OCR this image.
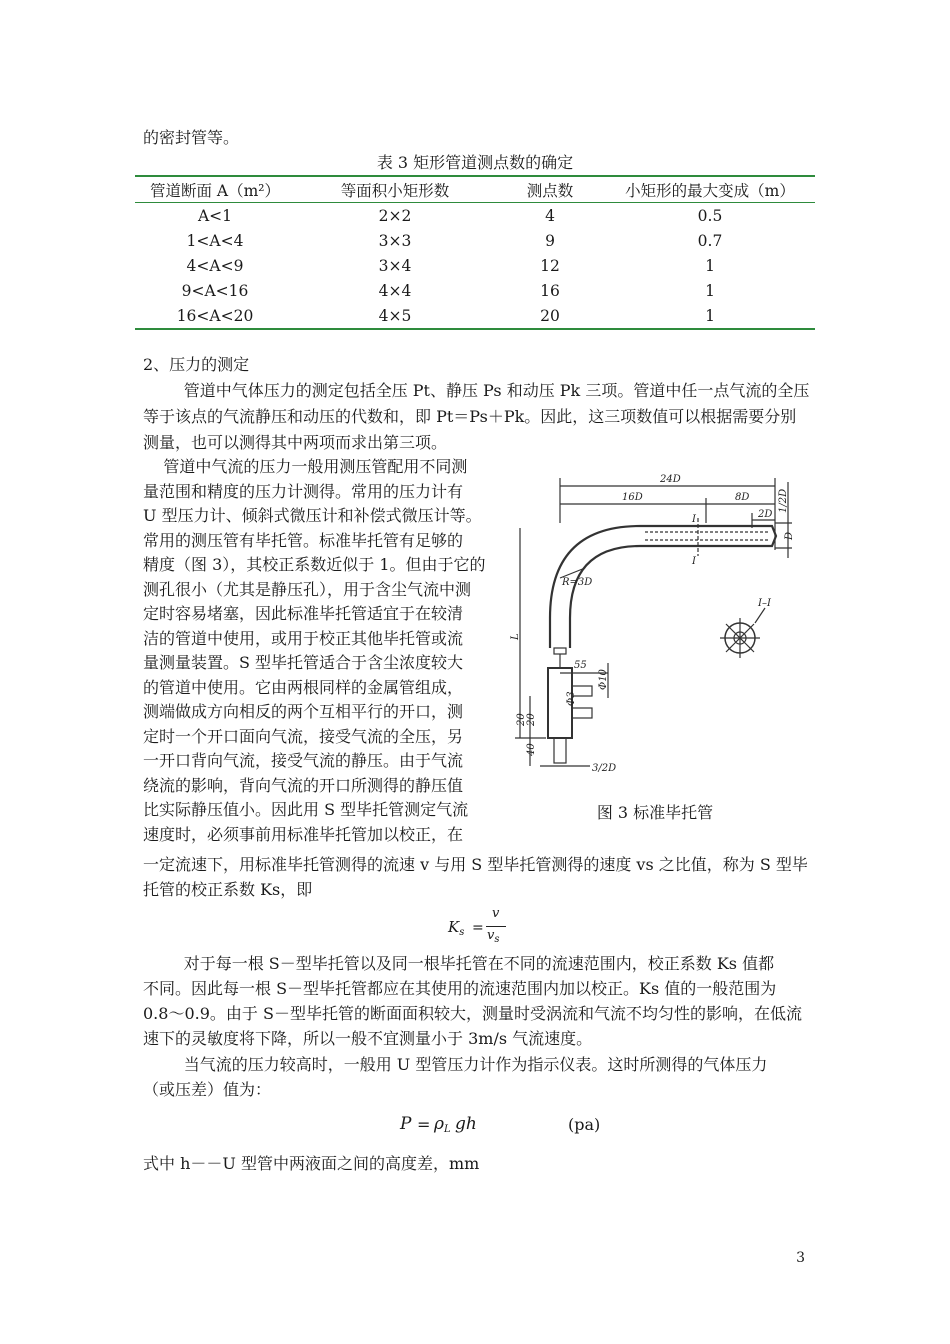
的密封管等。
表 3 矩形管道测点数的确定
管道断面 A（m²）	等面积小矩形数	测点数	小矩形的最大变成（m）
A<1	2×2	4	0.5
1<A<4	3×3	9	0.7
4<A<9	3×4	12	1
9<A<16	4×4	16	1
16<A<20	4×5	20	1
2、压力的测定
管道中气体压力的测定包括全压 Pt、静压 Ps 和动压 Pk 三项。管道中任一点气流的全压
等于该点的气流静压和动压的代数和，即 Pt＝Ps＋Pk。因此，这三项数值可以根据需要分别
测量，也可以测得其中两项而求出第三项。
管道中气流的压力一般用测压管配用不同测
量范围和精度的压力计测得。常用的压力计有
U 型压力计、倾斜式微压计和补偿式微压计等。
常用的测压管有毕托管。标准毕托管有足够的
精度（图 3），其校正系数近似于 1。但由于它的
测孔很小（尤其是静压孔），用于含尘气流中测
定时容易堵塞，因此标准毕托管适宜于在较清
洁的管道中使用，或用于校正其他毕托管或流
量测量装置。S 型毕托管适合于含尘浓度较大
的管道中使用。它由两根同样的金属管组成，
测端做成方向相反的两个互相平行的开口，测
定时一个开口面向气流，接受气流的全压，另
一开口背向气流，接受气流的静压。由于气流
绕流的影响，背向气流的开口所测得的静压值
比实际静压值小。因此用 S 型毕托管测定气流
速度时，必须事前用标准毕托管加以校正，在
24D
16D	8D
2D
1/2D
D
I
I
I–I
R=3D
L
55
Φ10
Φ3
20
40
20
3/2D
图 3 标准毕托管
一定流速下，用标准毕托管测得的流速 v 与用 S 型毕托管测得的速度 vs 之比值，称为 S 型毕
托管的校正系数 Ks，即
$K_s$ =
v
$v_s$
对于每一根 S－型毕托管以及同一根毕托管在不同的流速范围内，校正系数 Ks 值都
不同。因此每一根 S－型毕托管都应在其使用的流速范围内加以校正。Ks 值的一般范围为
0.8～0.9。由于 S－型毕托管的断面面积较大，测量时受涡流和气流不均匀性的影响，在低流
速下的灵敏度将下降，所以一般不宜测量小于 3m/s 气流速度。
当气流的压力较高时，一般用 U 型管压力计作为指示仪表。这时所测得的气体压力
（或压差）值为：
$P = \rho_L$ gh	(pa)
式中 h－－U 型管中两液面之间的高度差，mm
3
